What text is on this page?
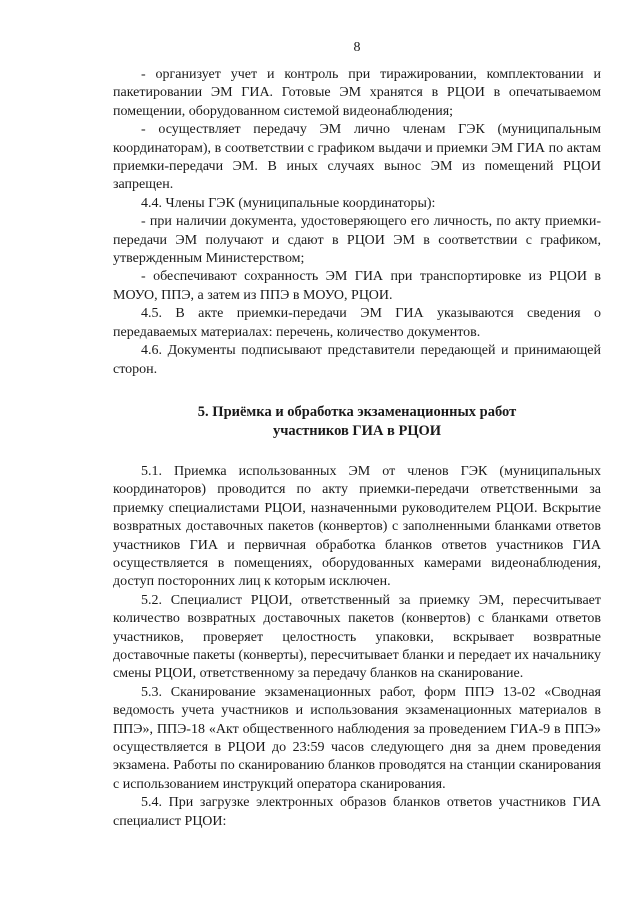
8

- организует учет и контроль при тиражировании, комплектовании и пакетировании ЭМ ГИА. Готовые ЭМ хранятся в РЦОИ в опечатываемом помещении, оборудованном системой видеонаблюдения;

- осуществляет передачу ЭМ лично членам ГЭК (муниципальным координаторам), в соответствии с графиком выдачи и приемки ЭМ ГИА по актам приемки-передачи ЭМ. В иных случаях вынос ЭМ из помещений РЦОИ запрещен.

4.4. Члены ГЭК (муниципальные координаторы):

- при наличии документа, удостоверяющего его личность, по акту приемки-передачи ЭМ получают и сдают в РЦОИ ЭМ в соответствии с графиком, утвержденным Министерством;

- обеспечивают сохранность ЭМ ГИА при транспортировке из РЦОИ в МОУО, ППЭ, а затем из ППЭ в МОУО, РЦОИ.

4.5. В акте приемки-передачи ЭМ ГИА указываются сведения о передаваемых материалах: перечень, количество документов.

4.6. Документы подписывают представители передающей и принимающей сторон.

5. Приёмка и обработка экзаменационных работ
участников ГИА в РЦОИ

5.1. Приемка использованных ЭМ от членов ГЭК (муниципальных координаторов) проводится по акту приемки-передачи ответственными за приемку специалистами РЦОИ, назначенными руководителем РЦОИ. Вскрытие возвратных доставочных пакетов (конвертов) с заполненными бланками ответов участников ГИА и первичная обработка бланков ответов участников ГИА осуществляется в помещениях, оборудованных камерами видеонаблюдения, доступ посторонних лиц к которым исключен.

5.2. Специалист РЦОИ, ответственный за приемку ЭМ, пересчитывает количество возвратных доставочных пакетов (конвертов) с бланками ответов участников, проверяет целостность упаковки, вскрывает возвратные доставочные пакеты (конверты), пересчитывает бланки и передает их начальнику смены РЦОИ, ответственному за передачу бланков на сканирование.

5.3. Сканирование экзаменационных работ, форм ППЭ 13-02 «Сводная ведомость учета участников и использования экзаменационных материалов в ППЭ», ППЭ-18 «Акт общественного наблюдения за проведением ГИА-9 в ППЭ» осуществляется в РЦОИ до 23:59 часов следующего дня за днем проведения экзамена. Работы по сканированию бланков проводятся на станции сканирования с использованием инструкций оператора сканирования.

5.4. При загрузке электронных образов бланков ответов участников ГИА специалист РЦОИ:
